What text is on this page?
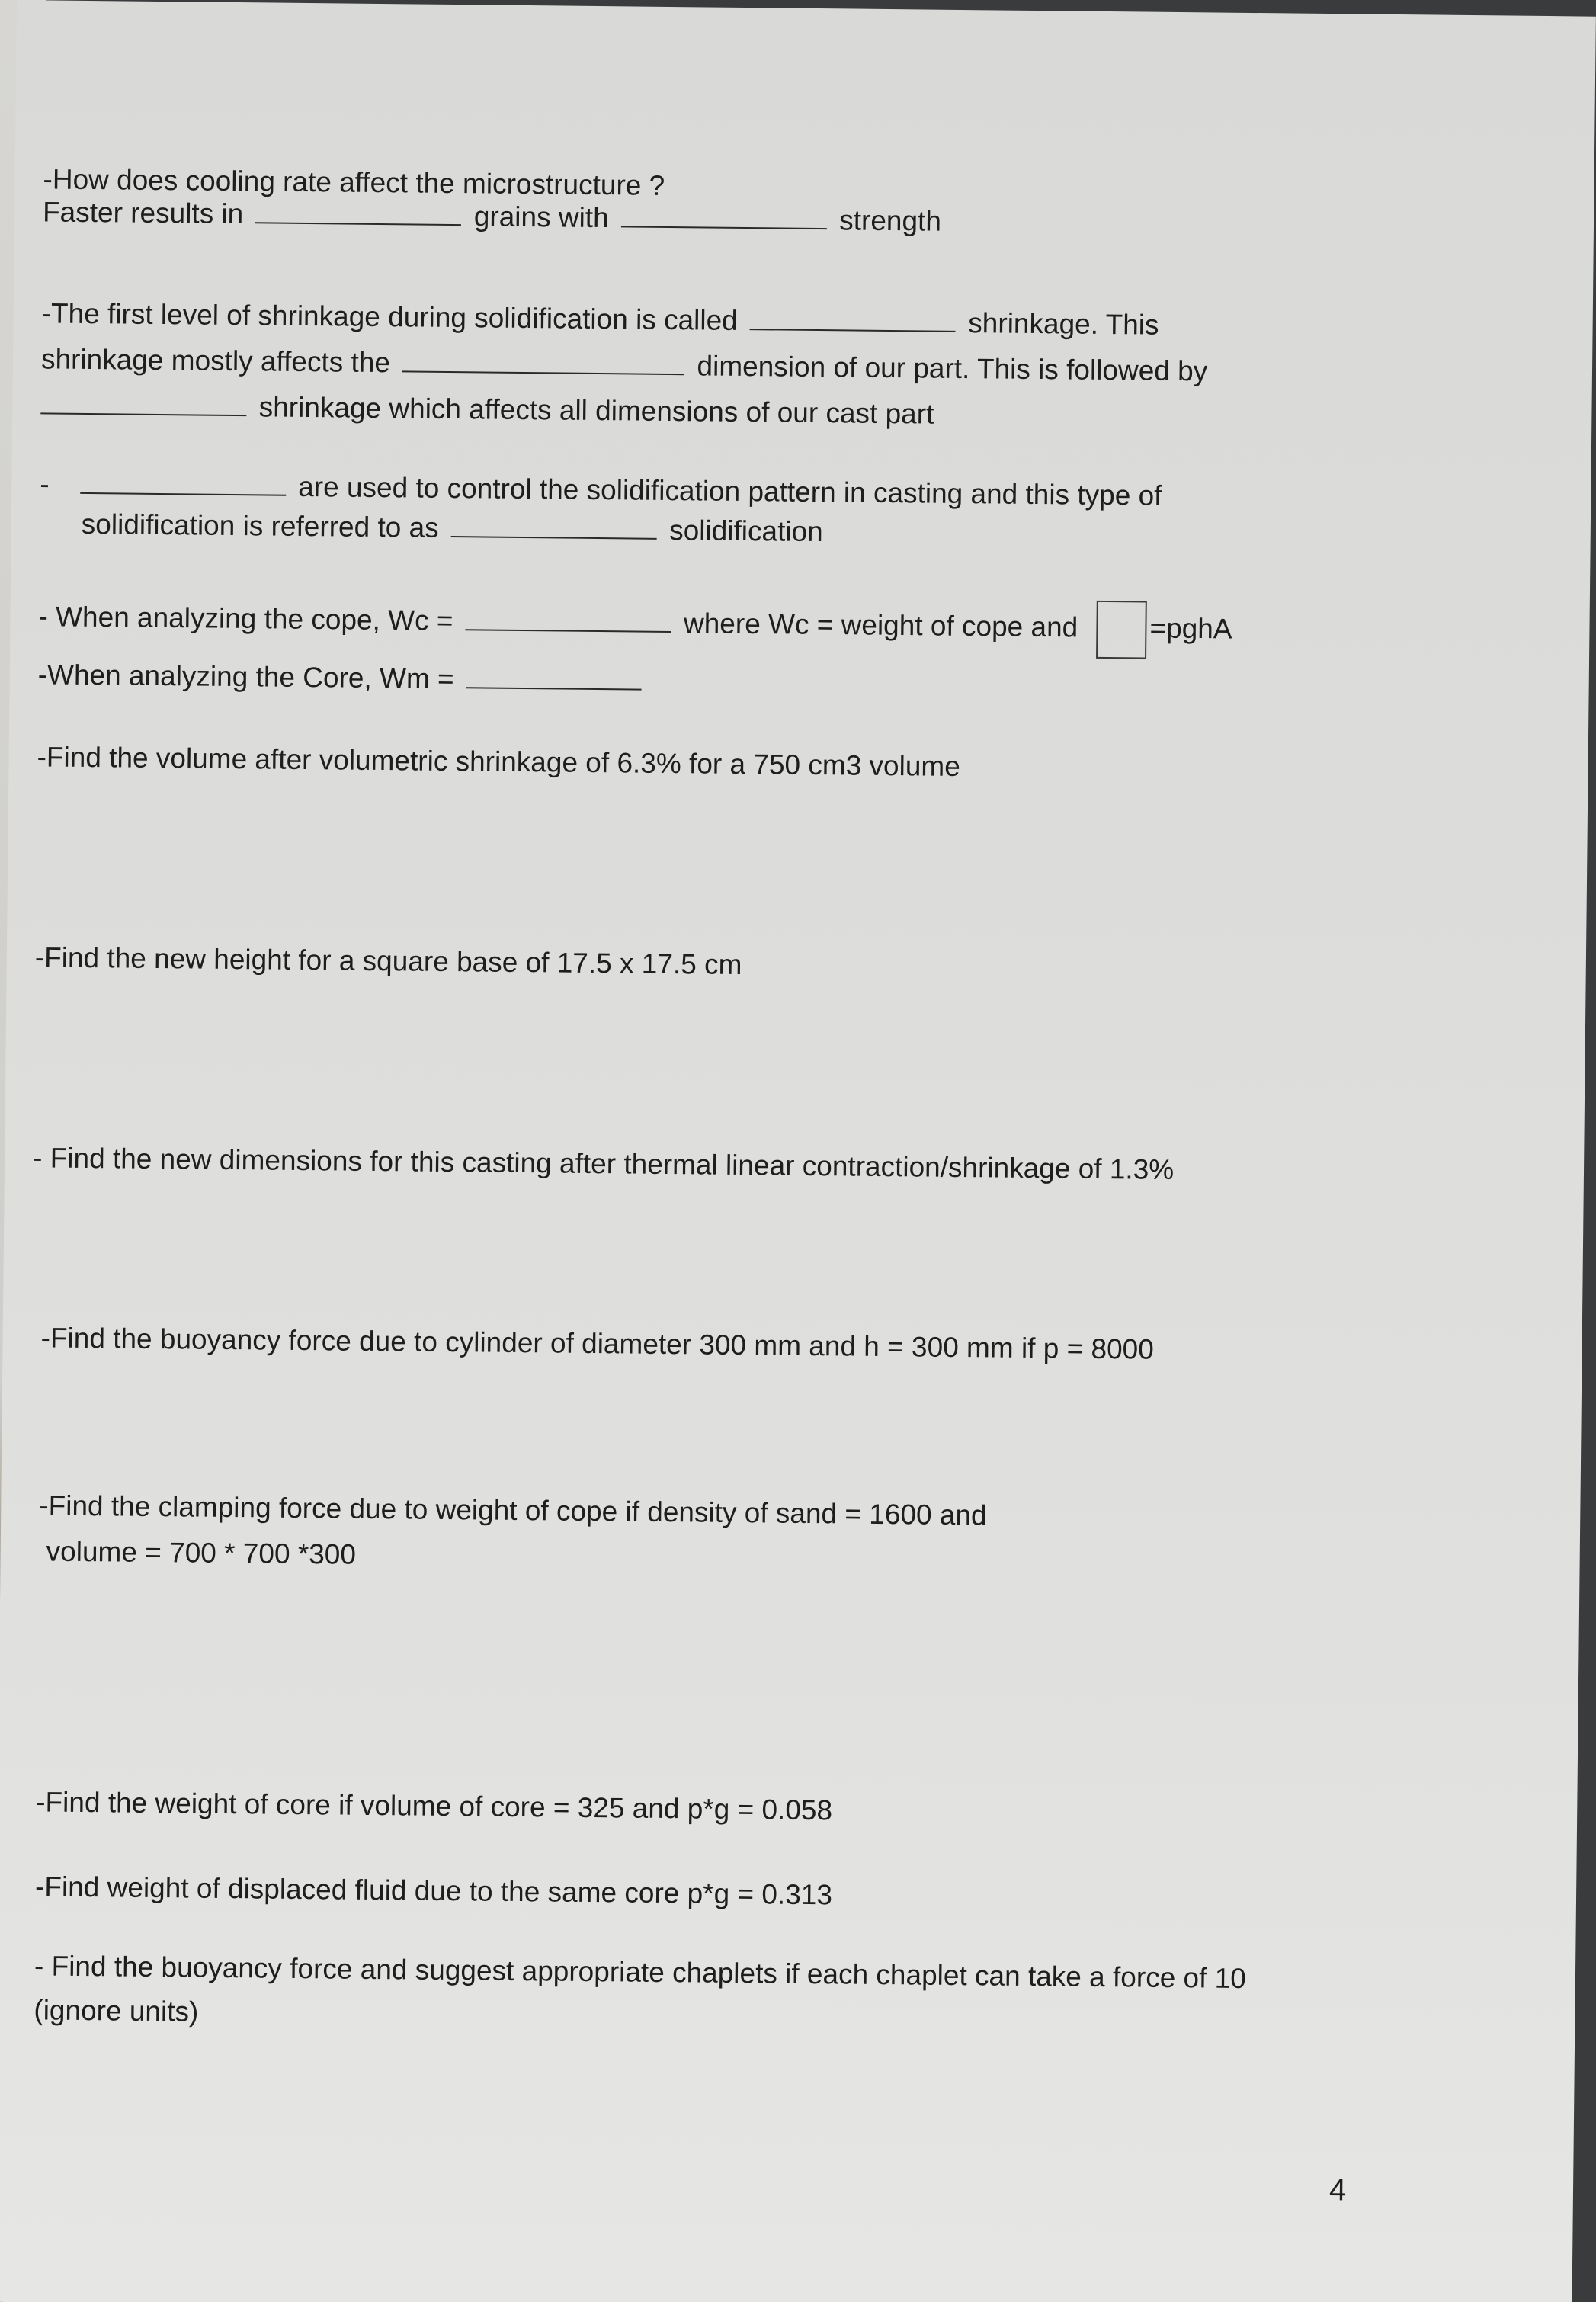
-How does cooling rate affect the microstructure ?
Faster results in	grains with	strength
-The first level of shrinkage during solidification is called	shrinkage. This
shrinkage mostly affects the	dimension of our part. This is followed by
shrinkage which affects all dimensions of our cast part
-	are used to control the solidification pattern in casting and this type of
solidification is referred to as	solidification
- When analyzing the cope, Wc =	where Wc = weight of cope and	=pghA
-When analyzing the Core, Wm =
-Find the volume after volumetric shrinkage of 6.3% for a 750 cm3 volume
-Find the new height for a square base of 17.5 x 17.5 cm
- Find the new dimensions for this casting after thermal linear contraction/shrinkage of 1.3%
-Find the buoyancy force due to cylinder of diameter 300 mm and h = 300 mm if p = 8000
-Find the clamping force due to weight of cope if density of sand = 1600 and
volume = 700 * 700 *300
-Find the weight of core if volume of core = 325 and p*g = 0.058
-Find weight of displaced fluid due to the same core p*g = 0.313
- Find the buoyancy force and suggest appropriate chaplets if each chaplet can take a force of 10
(ignore units)
4
